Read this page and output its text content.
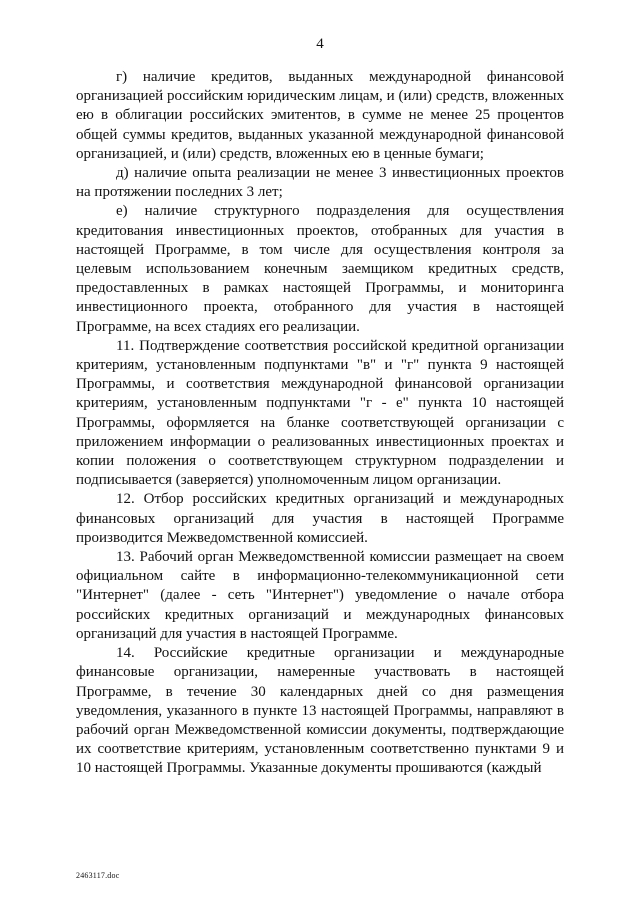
4

г) наличие кредитов, выданных международной финансовой организацией российским юридическим лицам, и (или) средств, вложенных ею в облигации российских эмитентов, в сумме не менее 25 процентов общей суммы кредитов, выданных указанной международной финансовой организацией, и (или) средств, вложенных ею в ценные бумаги;

д) наличие опыта реализации не менее 3 инвестиционных проектов на протяжении последних 3 лет;

е) наличие структурного подразделения для осуществления кредитования инвестиционных проектов, отобранных для участия в настоящей Программе, в том числе для осуществления контроля за целевым использованием конечным заемщиком кредитных средств, предоставленных в рамках настоящей Программы, и мониторинга инвестиционного проекта, отобранного для участия в настоящей Программе, на всех стадиях его реализации.

11. Подтверждение соответствия российской кредитной организации критериям, установленным подпунктами "в" и "г" пункта 9 настоящей Программы, и соответствия международной финансовой организации критериям, установленным подпунктами "г - е" пункта 10 настоящей Программы, оформляется на бланке соответствующей организации с приложением информации о реализованных инвестиционных проектах и копии положения о соответствующем структурном подразделении и подписывается (заверяется) уполномоченным лицом организации.

12. Отбор российских кредитных организаций и международных финансовых организаций для участия в настоящей Программе производится Межведомственной комиссией.

13. Рабочий орган Межведомственной комиссии размещает на своем официальном сайте в информационно-телекоммуникационной сети "Интернет" (далее - сеть "Интернет") уведомление о начале отбора российских кредитных организаций и международных финансовых организаций для участия в настоящей Программе.

14. Российские кредитные организации и международные финансовые организации, намеренные участвовать в настоящей Программе, в течение 30 календарных дней со дня размещения уведомления, указанного в пункте 13 настоящей Программы, направляют в рабочий орган Межведомственной комиссии документы, подтверждающие их соответствие критериям, установленным соответственно пунктами 9 и 10 настоящей Программы. Указанные документы прошиваются (каждый

2463117.doc
